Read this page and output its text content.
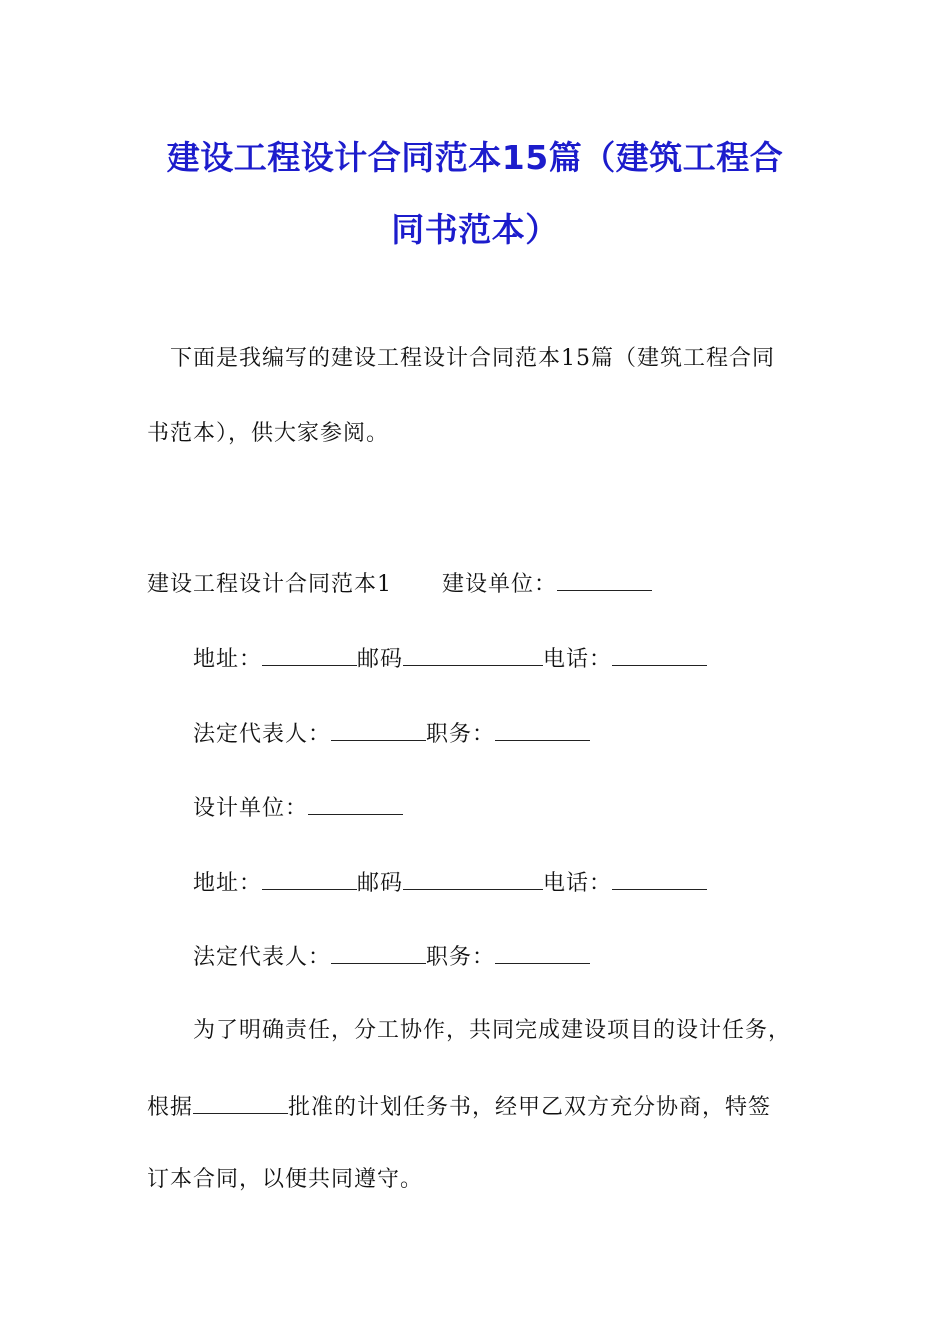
建设工程设计合同范本15篇（建筑工程合
同书范本）
下面是我编写的建设工程设计合同范本15篇（建筑工程合同
书范本），供大家参阅。
建设工程设计合同范本1 建设单位：
地址：	邮码	电话：
法定代表人：	职务：
设计单位：
地址：	邮码	电话：
法定代表人：	职务：
为了明确责任，分工协作，共同完成建设项目的设计任务，
根据	批准的计划任务书，经甲乙双方充分协商，特签
订本合同，以便共同遵守。
